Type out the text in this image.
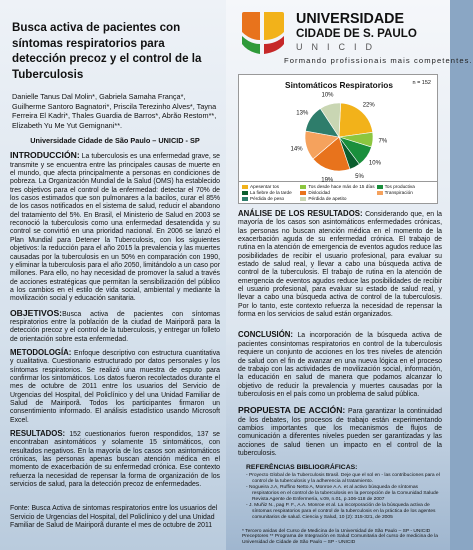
Busca activa de pacientes con síntomas respiratorios para detección precoz y el control de la Tuberculosis
Danielle Tanus Dal Molin*, Gabriela Samaha França*, Guilherme Santoro Bagnatori*, Priscila Terezinho Alves*, Tayna Ferreira El Kadri*, Thales Guardia de Barros*, Abrão Restom**, Elizabeth Yu Me Yut Gemignani**.
Universidade Cidade de São Paulo – UNICID - SP
INTRODUCCIÓN: La tuberculosis es una enfermedad grave, se transmite y se encuentra entre las principales causas de muerte en el mundo, que afecta principalmente a personas en condiciones de pobreza. La Organización Mundial de la Salud (OMS) ha establecido tres objetivos para el control de la enfermedad: detectar el 70% de los casos estimados que son pulmonares a la bacilos, curar el 85% de los casos notificados en el sistema de salud, reducir el abandono del tratamiento del 5%. En Brasil, el Ministerio de Salud en 2003 se reconoció la tuberculosis como una enfermedad desatendida y su control se convirtió en una prioridad nacional. En 2006 se lanzó el Plan Mundial para Detener la Tuberculosis, con los siguientes objetivos: la reducción para el año 2015 la prevalencia y las muertes causadas por la tuberculosis en un 50% en comparación con 1990, y eliminar la tuberculosis para el año 2050, limitándolo a un caso por millones. Para ello, no hay necesidad de promover la salud a través de acciones estratégicas que permitan la sensibilización del público a los cambios en el estilo de vida social, ambiental y mediante la movilización social y educación sanitaria.
OBJETIVOS:Busca activa de pacientes con síntomas respiratorios entre la población de la ciudad de Mairiporã para la detección precoz y el control de la tuberculosis, y entregar un folleto de orientación sobre esta enfermedad.
METODOLOGÍA: Enfoque descriptivo con estructura cuantitativa y cualitativa. Cuestionario estructurado por datos personales y los síntomas respiratorios. Se realizó una muestra de esputo para confirmar los sintomáticos. Los datos fueron recolectados durante el mes de octubre de 2011 entre los usuarios del Servicio de Urgencias del Hospital, del Policlínico y del una Unidad Familiar de Salud de Mairiporã. Todos los participantes firmaron un consentimiento informado. El análisis estadístico usando Microsoft Excel.
RESULTADOS: 152 cuestionarios fueron respondidos, 137 se encontraban asintomáticos y solamente 15 sintomáticos, con resultados negativos. En la mayoría de los casos son asintomáticos crónicas, las personas apenas buscan atención médica en el momento de exacerbación de su enfermedad crónica. Ese contexto refuerza la necesidad de repensar la forma de organización de los servicios de salud, para la detección precoz de enfermedades.
Fonte: Busca Activa de sintomas respiratorios entre los usuarios del Servicio de Urgencias del Hospital, del Policlínico y del una Unidad Familiar de Salud de Mairiporã durante el mes de octubre de 2011
UNIVERSIDADE
CIDADE DE S. PAULO
UNICID
Formando profissionais mais competentes.
Sintomáticos Respiratorios	n = 152
22%
7%
10%
5%
19%
14%
13%
10%
Apesentar tos	Tos desde hace más de 15 días Tos productiva
La fiebre de la tarde	Dislocidad	Transpiración
Pérdida de peso	Pérdida de apetito
ANÁLISE DE LOS RESULTADOS: Considerando que, en la mayoría de los casos son asintomáticos enfermedades crónicas, las personas no buscan atención médica en el momento de la exacerbación aguda de su enfermedad crónica. El trabajo de rutina en la atención de emergencia de eventos agudos reduce las posibilidades de recibir el usuario profesional, para evaluar su estado de salud real, y llevar a cabo una búsqueda activa de control de la tuberculosis. El trabajo de rutina en la atención de emergencia de eventos agudos reduce las posibilidades de recibir el usuario profesional, para evaluar su estado de salud real, y llevar a cabo una búsqueda activa de control de la tuberculosis. Por lo tanto, este contexto refuerza la necesidad de repensar la forma en los servicios de salud están organizados.
CONCLUSIÓN: La incorporación de la búsqueda activa de pacientes consintomas respiratorios en control de la tuberculosis requiere un conjunto de acciones en los tres niveles de atención de salud con el fin de avanzar en una nueva lógica en el proceso de trabajo con las actividades de movilización social, información, la educación en salud de manera que podamos alcanzar lo objetivo de reducir la prevalencia y muertes causadas por la tuberculosis en el país como un problema de salud pública.
PROPUESTA DE ACCIÓN: Para garantizar la continuidad de los debates, los procesos de trabajo están experimentando cambios importantes que los mecanismos de flujos de comunicación a diferentes niveles pueden ser garantizadas y las acciones de salud tienen un impacto en el control de la tuberculosis.
REFERÊNCIAS BIBLIOGRÁFICAS:
- Proyecto Global de la Tuberculosis Brasil. Deje que el sol en - las contribuciones para el control de la tuberculosis y la adherencia al tratamiento.
- Nogueira J.A, Ruffino Netto A, Monroe A.A. et al activo búsqueda de síntomas respiratorios en el control de la tuberculosis en la percepción de la Comunidad Salude Revista Agente de Enfermería, v.09, n.01, p.106-118 de 2007
- J. Muñiz N., pag P. F., A.A. Monroe et al. La incorporación de la búsqueda activa de síntomas respiratorios para el control de la tuberculosis en la práctica de los agentes comunitarios de salud. Ciencia y Salud, 10 (2): 315-321, de 2005
* Tercero anidas del Curso de Medicina de la Universidad de São Paulo – SP - UNICID Preceptores ** Programa de Integración en Salud Comunitaria del curso de medicina de la Universidad de Cidade de São Paulo – SP - UNICID
